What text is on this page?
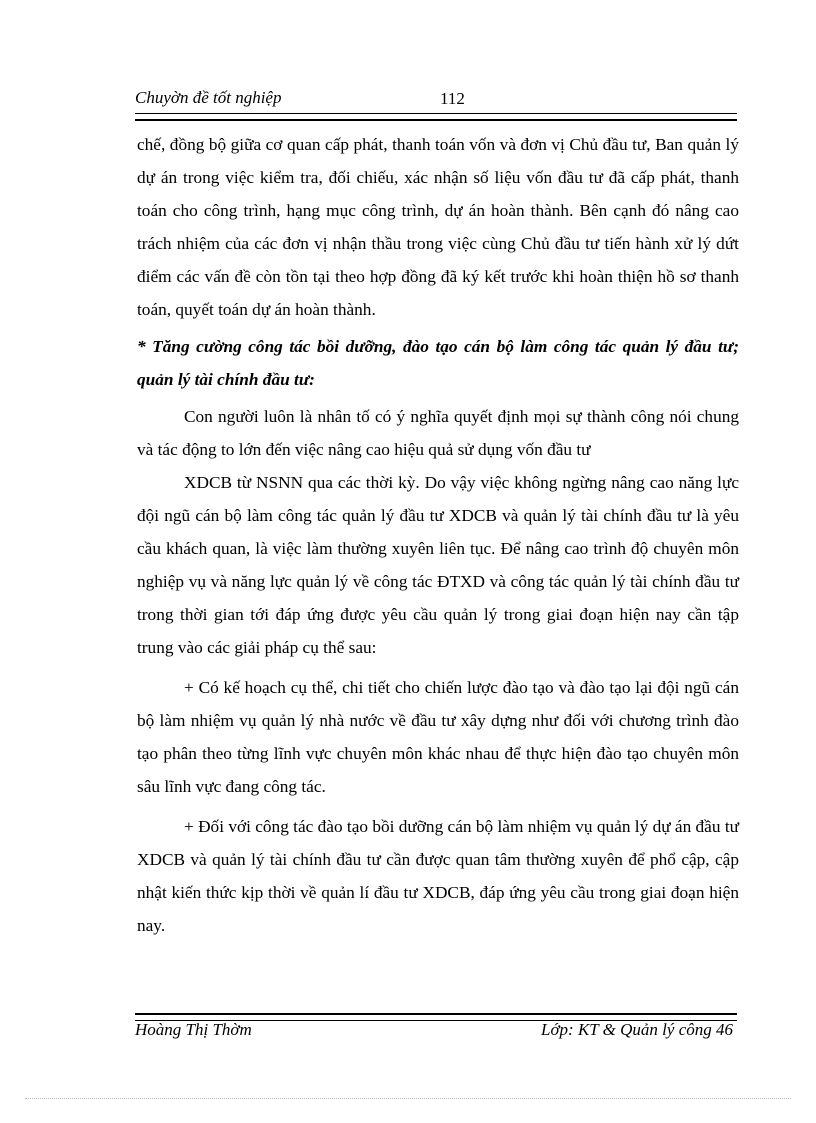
Chuyờn đề tốt nghiệp	112

chế, đồng bộ giữa cơ quan cấp phát, thanh toán vốn và đơn vị Chủ đầu tư, Ban quản lý dự án trong việc kiểm tra, đối chiếu, xác nhận số liệu vốn đầu tư đã cấp phát, thanh toán cho công trình, hạng mục công trình, dự án hoàn thành. Bên cạnh đó nâng cao trách nhiệm của các đơn vị nhận thầu trong việc cùng Chủ đầu tư tiến hành xử lý dứt điểm các vấn đề còn tồn tại theo hợp đồng đã ký kết trước khi hoàn thiện hồ sơ thanh toán, quyết toán dự án hoàn thành.

* Tăng cường công tác bồi dưỡng, đào tạo cán bộ làm công tác quản lý đầu tư; quản lý tài chính đầu tư:

Con người luôn là nhân tố có ý nghĩa quyết định mọi sự thành công nói chung và tác động to lớn đến việc nâng cao hiệu quả sử dụng vốn đầu tư

XDCB từ NSNN qua các thời kỳ. Do vậy việc không ngừng nâng cao năng lực đội ngũ cán bộ làm công tác quản lý đầu tư XDCB và quản lý tài chính đầu tư là yêu cầu khách quan, là việc làm thường xuyên liên tục. Để nâng cao trình độ chuyên môn nghiệp vụ và năng lực quản lý về công tác ĐTXD và công tác quản lý tài chính đầu tư trong thời gian tới đáp ứng được yêu cầu quản lý trong giai đoạn hiện nay cần tập trung vào các giải pháp cụ thể sau:

+ Có kế hoạch cụ thể, chi tiết cho chiến lược đào tạo và đào tạo lại đội ngũ cán bộ làm nhiệm vụ quản lý nhà nước về đầu tư xây dựng như đối với chương trình đào tạo phân theo từng lĩnh vực chuyên môn khác nhau để thực hiện đào tạo chuyên môn sâu lĩnh vực đang công tác.

+ Đối với công tác đào tạo bồi dưỡng cán bộ làm nhiệm vụ quản lý dự án đầu tư XDCB và quản lý tài chính đầu tư cần được quan tâm thường xuyên để phổ cập, cập nhật kiến thức kịp thời về quản lí đầu tư XDCB, đáp ứng yêu cầu trong giai đoạn hiện nay.

Hoàng Thị Thờm	Lớp: KT & Quản lý công 46
